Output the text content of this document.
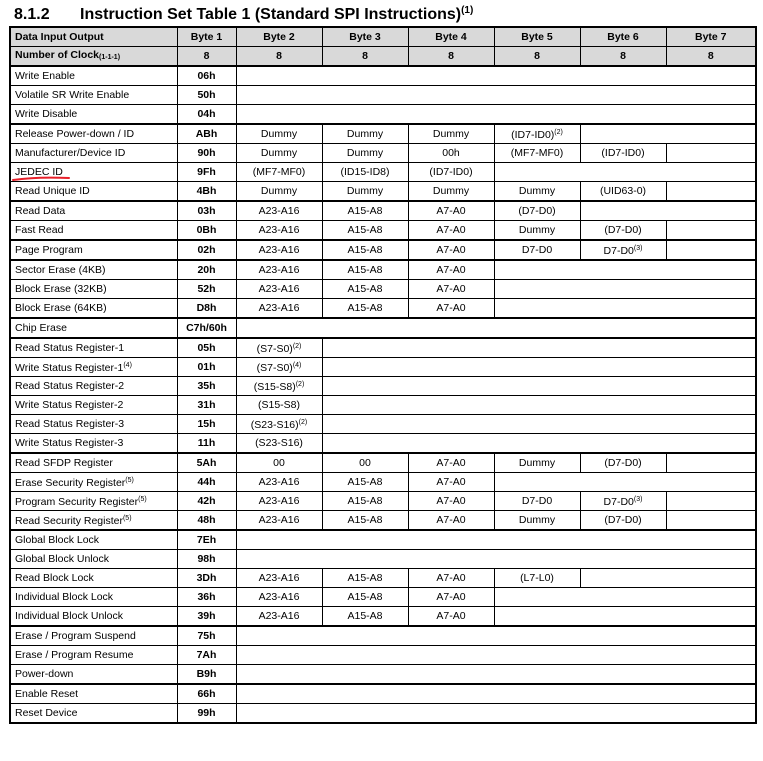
8.1.2 Instruction Set Table 1 (Standard SPI Instructions)$^{(1)}$
Data Input Output	Byte 1	Byte 2	Byte 3	Byte 4	Byte 5	Byte 6	Byte 7
Number of Clock$_{(1-1-1)}$	8	8	8	8	8	8	8
Write Enable	06h						
Volatile SR Write Enable	50h						
Write Disable	04h						
Release Power-down / ID	ABh	Dummy	Dummy	Dummy	$(ID7-ID0)^{(2)}$	
Manufacturer/Device ID	90h	Dummy	Dummy	00h	(MF7-MF0)	(ID7-ID0)	
JEDEC ID	9Fh	(MF7-MF0)	(ID15-ID8)	(ID7-ID0)			
Read Unique ID	4Bh	Dummy	Dummy	Dummy	Dummy	(UID63-0)	
Read Data	03h	A23-A16	A15-A8	A7-A0	(D7-D0)		
Fast Read	0Bh	A23-A16	A15-A8	A7-A0	Dummy	(D7-D0)	
Page Program	02h	A23-A16	A15-A8	A7-A0	D7-D0	D7-D0$^{(3)}$	
Sector Erase (4KB)	20h	A23-A16	A15-A8	A7-A0			
Block Erase (32KB)	52h	A23-A16	A15-A8	A7-A0			
Block Erase (64KB)	D8h	A23-A16	A15-A8	A7-A0			
Chip Erase	C7h/60h						
Read Status Register-1	05h	$(S7-S0)^{(2)}$	
Write Status Register-1$^{(4)}$	01h	$(S7-S0)^{(4)}$	
Read Status Register-2	35h	$(S15-S8)^{(2)}$	
Write Status Register-2	31h	(S15-S8)					
Read Status Register-3	15h	$(S23-S16)^{(2)}$	
Write Status Register-3	11h	(S23-S16)					
Read SFDP Register	5Ah	00	00	A7-A0	Dummy	(D7-D0)	
Erase Security Register$^{(5)}$	44h	A23-A16	A15-A8	A7-A0			
Program Security Register$^{(5)}$	42h	A23-A16	A15-A8	A7-A0	D7-D0	D7-D0$^{(3)}$	
Read Security Register$^{(5)}$	48h	A23-A16	A15-A8	A7-A0	Dummy	(D7-D0)	
Global Block Lock	7Eh						
Global Block Unlock	98h						
Read Block Lock	3Dh	A23-A16	A15-A8	A7-A0	(L7-L0)		
Individual Block Lock	36h	A23-A16	A15-A8	A7-A0			
Individual Block Unlock	39h	A23-A16	A15-A8	A7-A0			
Erase / Program Suspend	75h						
Erase / Program Resume	7Ah						
Power-down	B9h						
Enable Reset	66h						
Reset Device	99h						
